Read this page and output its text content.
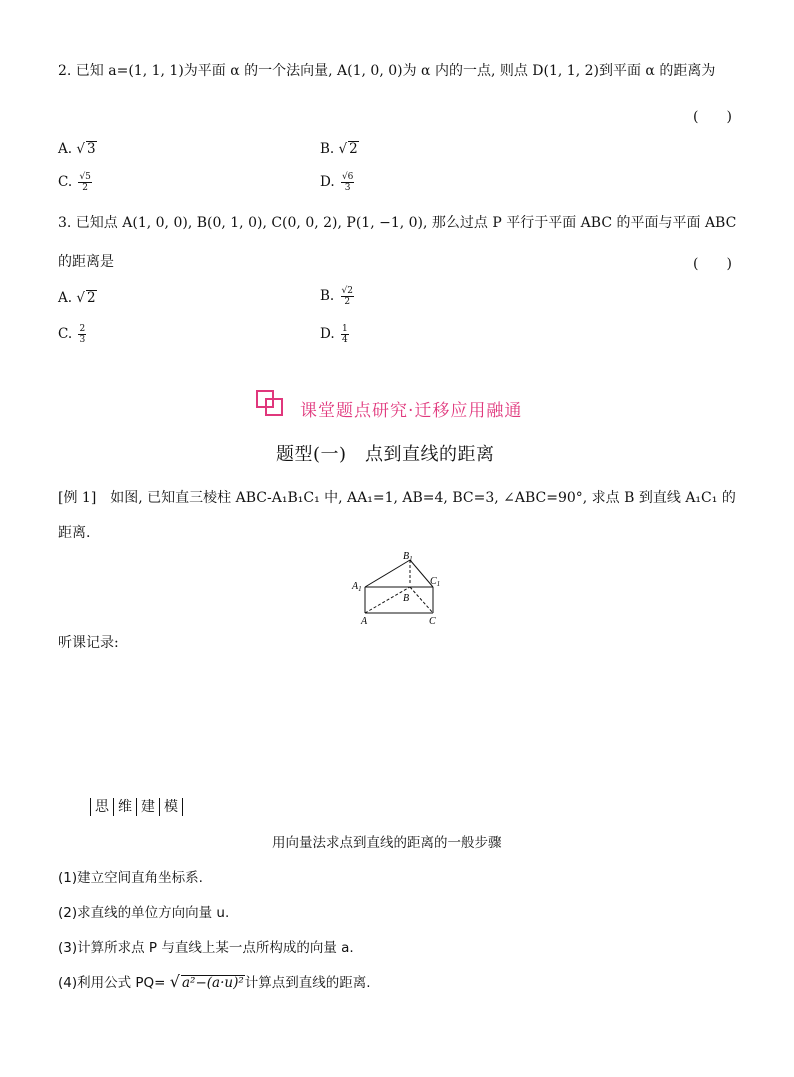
2. 已知 a=(1, 1, 1)为平面 α 的一个法向量, A(1, 0, 0)为 α 内的一点, 则点 D(1, 1, 2)到平面 α 的距离为
(　　)
A. √ 3	B. √ 2
C. $\frac{√5}{2}$	D. $\frac{√6}{3}$
3. 已知点 A(1, 0, 0), B(0, 1, 0), C(0, 0, 2), P(1, −1, 0), 那么过点 P 平行于平面 ABC 的平面与平面 ABC
的距离是	(　　)
A. √ 2	B. $\frac{√2}{2}$
C. $\frac{2}{3}$	D. $\frac{1}{4}$
课堂题点研究·迁移应用融通
题型(一)　点到直线的距离
[例 1]　如图, 已知直三棱柱 ABC-A₁B₁C₁ 中, AA₁=1, AB=4, BC=3, ∠ABC=90°, 求点 B 到直线 A₁C₁ 的
距离.
$B_1$
$A_1$
$C_1$
B
A	C
听课记录:
思 维 建 模
用向量法求点到直线的距离的一般步骤
(1)建立空间直角坐标系.
(2)求直线的单位方向向量 u.
(3)计算所求点 P 与直线上某一点所构成的向量 a.
(4)利用公式 PQ= √ a²−(a·u)²计算点到直线的距离.
